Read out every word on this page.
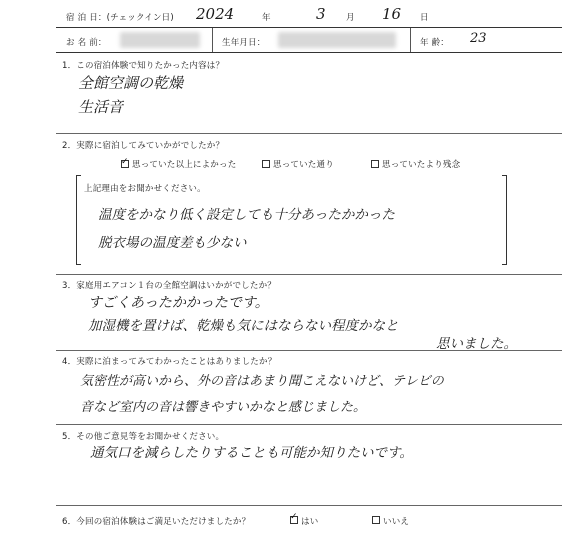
宿 泊 日：(チェックイン日) 2024	年	3 月 16 日
お 名 前：	生年月日：	年 齢： 23
1．この宿泊体験で知りたかった内容は？
全館空調の乾燥
生活音
2．実際に宿泊してみていかがでしたか？
✓ 思っていた以上によかった	思っていた通り	思っていたより残念
上記理由をお聞かせください。
温度をかなり低く設定しても十分あったかかった
脱衣場の温度差も少ない
3．家庭用エアコン１台の全館空調はいかがでしたか？
すごくあったかかったです。
加湿機を置けば、乾燥も気にはならない程度かなと
思いました。
4．実際に泊まってみてわかったことはありましたか？
気密性が高いから、外の音はあまり聞こえないけど、テレビの
音など室内の音は響きやすいかなと感じました。
5．その他ご意見等をお聞かせください。
通気口を減らしたりすることも可能か知りたいです。
6．今回の宿泊体験はご満足いただけましたか？	✓ はい	いいえ
